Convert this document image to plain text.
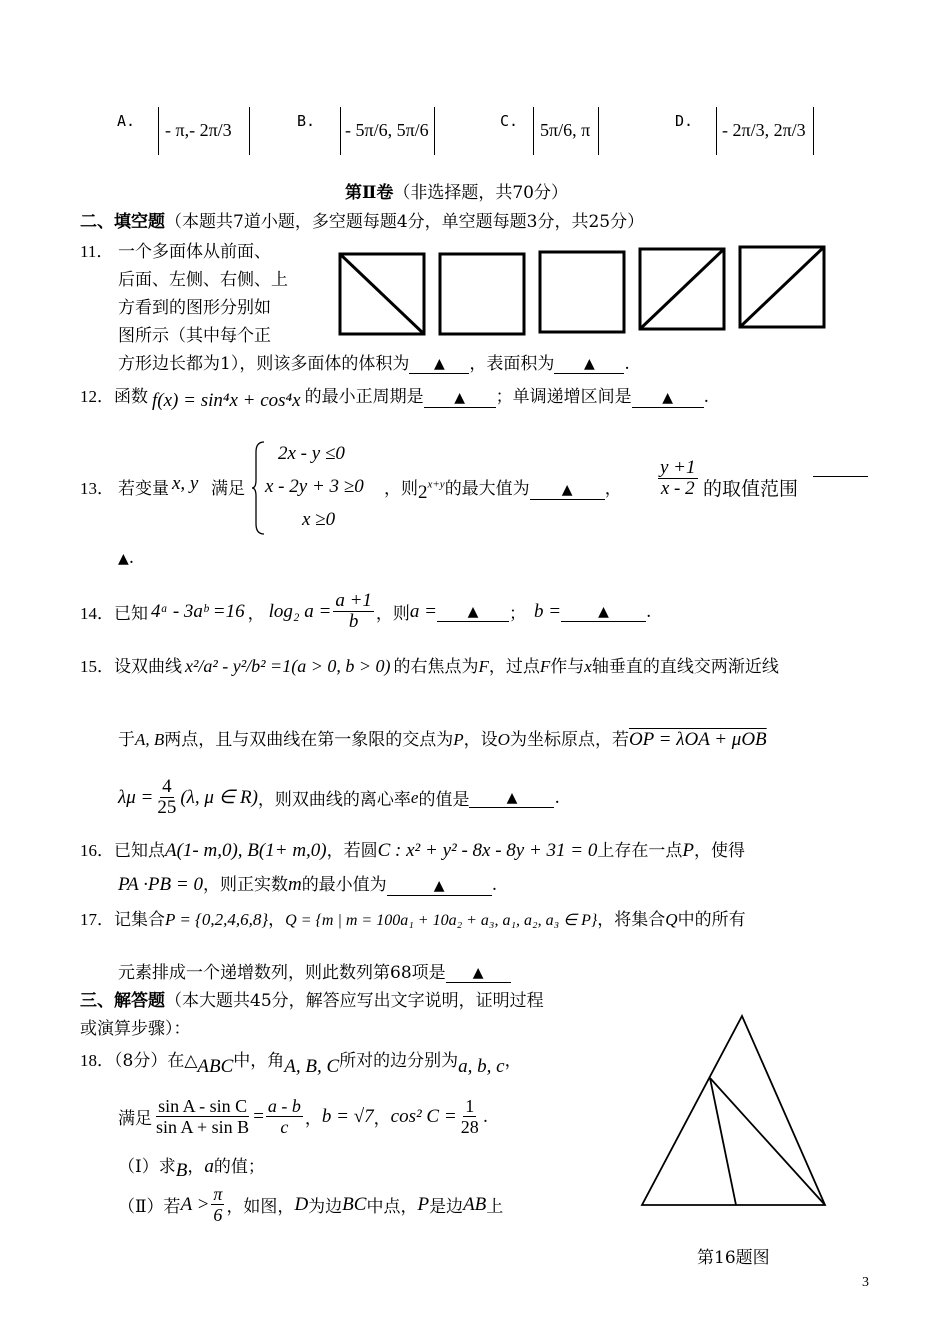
A. - π,- 2π/3	B. - 5π/6, 5π/6	C. 5π/6, π	D. - 2π/3, 2π/3
第Ⅱ卷（非选择题，共70分）
二、填空题（本题共7道小题，多空题每题4分，单空题每题3分，共25分）
11． 一个多面体从前面、
后面、左侧、右侧、上
方看到的图形分别如
图所示（其中每个正
方形边长都为1），则该多面体的体积为 ▲ ，表面积为 ▲ .
12．函数 f(x) = sin⁴x + cos⁴x 的最小正周期是 ▲ ；单调递增区间是 ▲ .
13． 若变量 x, y 满足
2x - y ≤0
x - 2y + 3 ≥0
x ≥0
，则$2^{x+y}$的最大值为 ▲ ， $\frac{y +1}{x - 2}$ 的取值范围
▲.
14． 已知 4ᵃ - 3aᵇ =16 ， log₂ $a = \frac{a +1}{b}$ ，则 a =	▲	； b =	▲	.
15．设双曲线 x²/a² - y²/b² =1(a > 0, b > 0) 的右焦点为F，过点F作与x轴垂直的直线交两渐近线
于A, B两点，且与双曲线在第一象限的交点为P，设O为坐标原点，若OP = λOA + μOB
$\lambda\mu = \frac{4}{25} (\lambda$, μ ∈ R) ，则双曲线的离心率 e 的值是	▲	.
16．已知点A(1- m,0), B(1+ m,0)，若圆C : x² + y² - 8x - 8y + 31 = 0上存在一点P，使得
PA ·PB = 0，则正实数m的最小值为	▲	.
17．记集合P = {0,2,4,6,8}，Q = {m | m = 100a₁ + 10a₂ + a₃, a₁, a₂, a₃ ∈ P}，将集合Q中的所有
元素排成一个递增数列，则此数列第68项是 ▲
三、解答题（本大题共45分，解答应写出文字说明，证明过程
或演算步骤）：
18．（8分）在△ABC中，角A, B, C所对的边分别为a, b, c，
满足 $\frac{\text{sin A - sin C}}{\text{sin A + sin B}} = \frac{a - b}{c}$ ， b = √7 ， cos² $C = \frac{1}{28}$ .
（Ⅰ）求B，a的值；
（Ⅱ）若 $A > \frac{\pi}{6}$ ，如图， D 为边 BC 中点， P 是边 AB 上
第16题图
3
